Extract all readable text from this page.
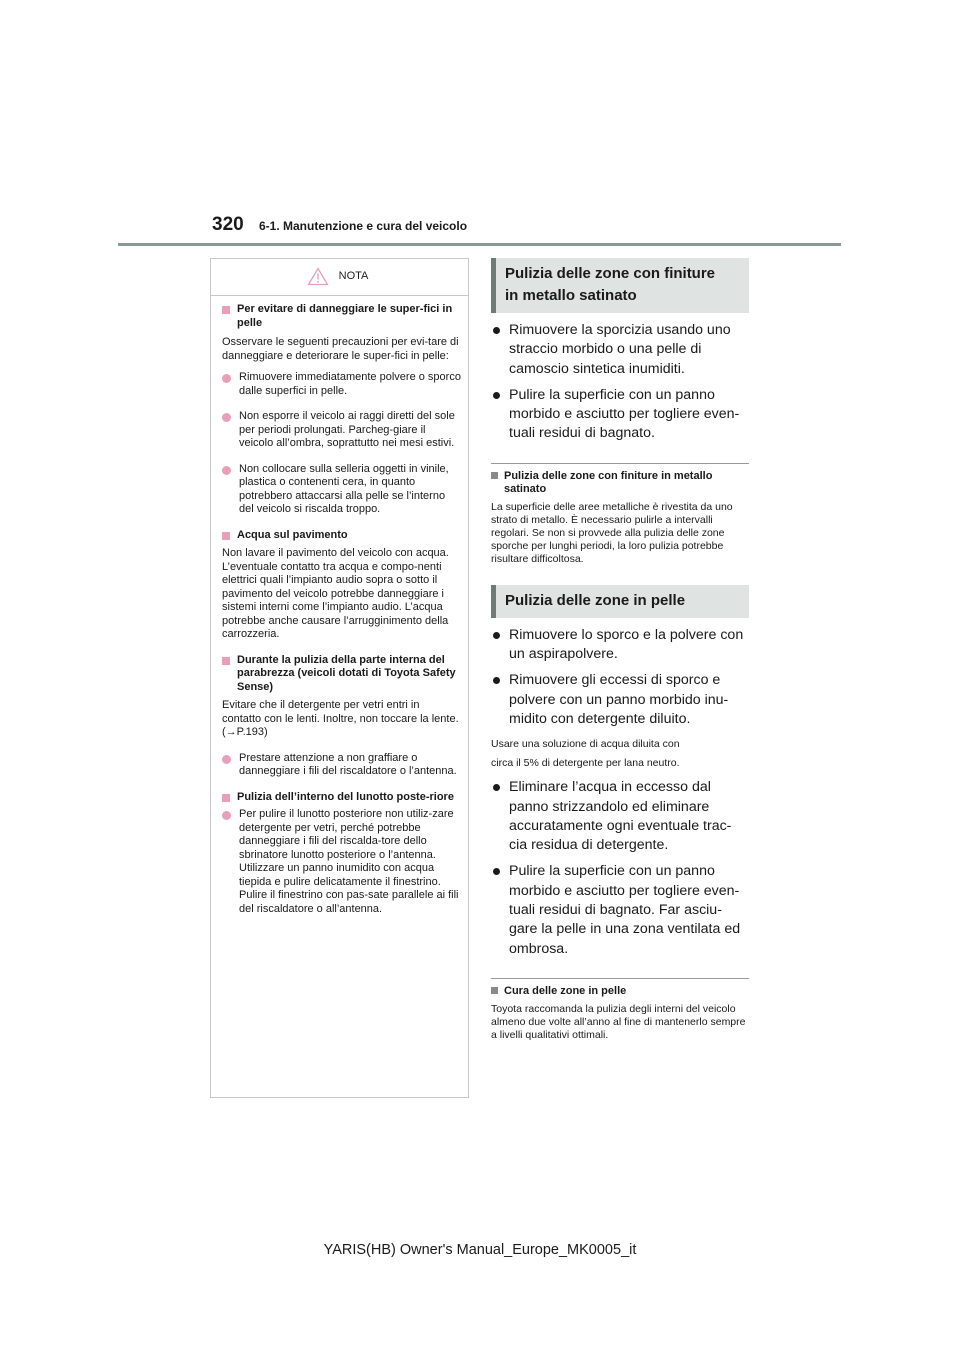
320 6-1. Manutenzione e cura del veicolo
NOTA
Per evitare di danneggiare le super-fici in pelle
Osservare le seguenti precauzioni per evi-tare di danneggiare e deteriorare le super-fici in pelle:
Rimuovere immediatamente polvere o sporco dalle superfici in pelle.
Non esporre il veicolo ai raggi diretti del sole per periodi prolungati. Parcheg-giare il veicolo all’ombra, soprattutto nei mesi estivi.
Non collocare sulla selleria oggetti in vinile, plastica o contenenti cera, in quanto potrebbero attaccarsi alla pelle se l’interno del veicolo si riscalda troppo.
Acqua sul pavimento
Non lavare il pavimento del veicolo con acqua.
L’eventuale contatto tra acqua e compo-nenti elettrici quali l’impianto audio sopra o sotto il pavimento del veicolo potrebbe danneggiare i sistemi interni come l’impianto audio. L’acqua potrebbe anche causare l’arrugginimento della carrozzeria.
Durante la pulizia della parte interna del parabrezza (veicoli dotati di Toyota Safety Sense)
Evitare che il detergente per vetri entri in contatto con le lenti. Inoltre, non toccare la lente. (→P.193)
Prestare attenzione a non graffiare o danneggiare i fili del riscaldatore o l’antenna.
Pulizia dell’interno del lunotto poste-riore
Per pulire il lunotto posteriore non utiliz-zare detergente per vetri, perché potrebbe danneggiare i fili del riscalda-tore dello sbrinatore lunotto posteriore o l’antenna. Utilizzare un panno inumidito con acqua tiepida e pulire delicatamente il finestrino. Pulire il finestrino con pas-sate parallele ai fili del riscaldatore o all’antenna.
Pulizia delle zone con finiture
in metallo satinato
Rimuovere la sporcizia usando uno straccio morbido o una pelle di camoscio sintetica inumiditi.
Pulire la superficie con un panno morbido e asciutto per togliere even-tuali residui di bagnato.
Pulizia delle zone con finiture in metallo satinato
La superficie delle aree metalliche è rivestita da uno strato di metallo. È necessario pulirle a intervalli regolari. Se non si provvede alla pulizia delle zone sporche per lunghi periodi, la loro pulizia potrebbe risultare difficoltosa.
Pulizia delle zone in pelle
Rimuovere lo sporco e la polvere con un aspirapolvere.
Rimuovere gli eccessi di sporco e polvere con un panno morbido inu-midito con detergente diluito.
Usare una soluzione di acqua diluita con
circa il 5% di detergente per lana neutro.
Eliminare l’acqua in eccesso dal panno strizzandolo ed eliminare accuratamente ogni eventuale trac-cia residua di detergente.
Pulire la superficie con un panno morbido e asciutto per togliere even-tuali residui di bagnato. Far asciu-gare la pelle in una zona ventilata ed ombrosa.
Cura delle zone in pelle
Toyota raccomanda la pulizia degli interni del veicolo almeno due volte all’anno al fine di mantenerlo sempre a livelli qualitativi ottimali.
YARIS(HB) Owner's Manual_Europe_MK0005_it
